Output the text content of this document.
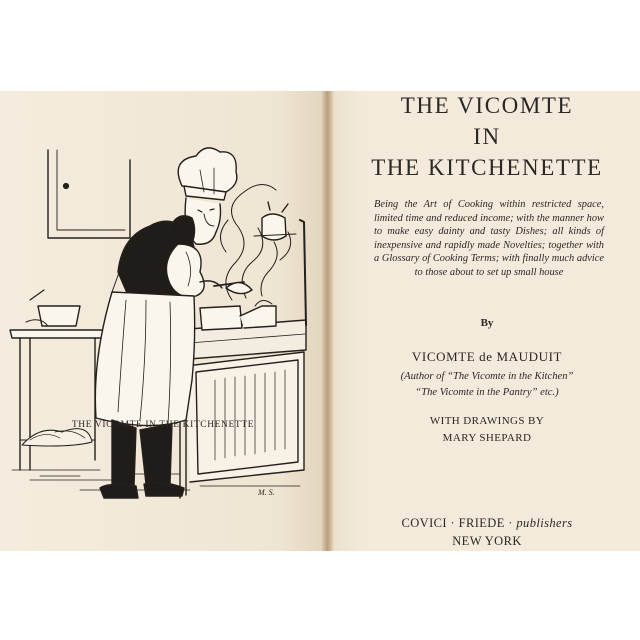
M. S.
THE VICOMTE IN THE KITCHENETTE
THE VICOMTE
IN
THE KITCHENETTE

Being the Art of Cooking within restricted space, limited time and reduced income; with the manner how to make easy dainty and tasty Dishes; all kinds of inexpensive and rapidly made Novelties; together with a Glossary of Cooking Terms; with finally much advice to those about to set up small house

By

VICOMTE de MAUDUIT

(Author of “The Vicomte in the Kitchen”

“The Vicomte in the Pantry” etc.)

WITH DRAWINGS BY

MARY SHEPARD

COVICI · FRIEDE · publishers

NEW YORK
